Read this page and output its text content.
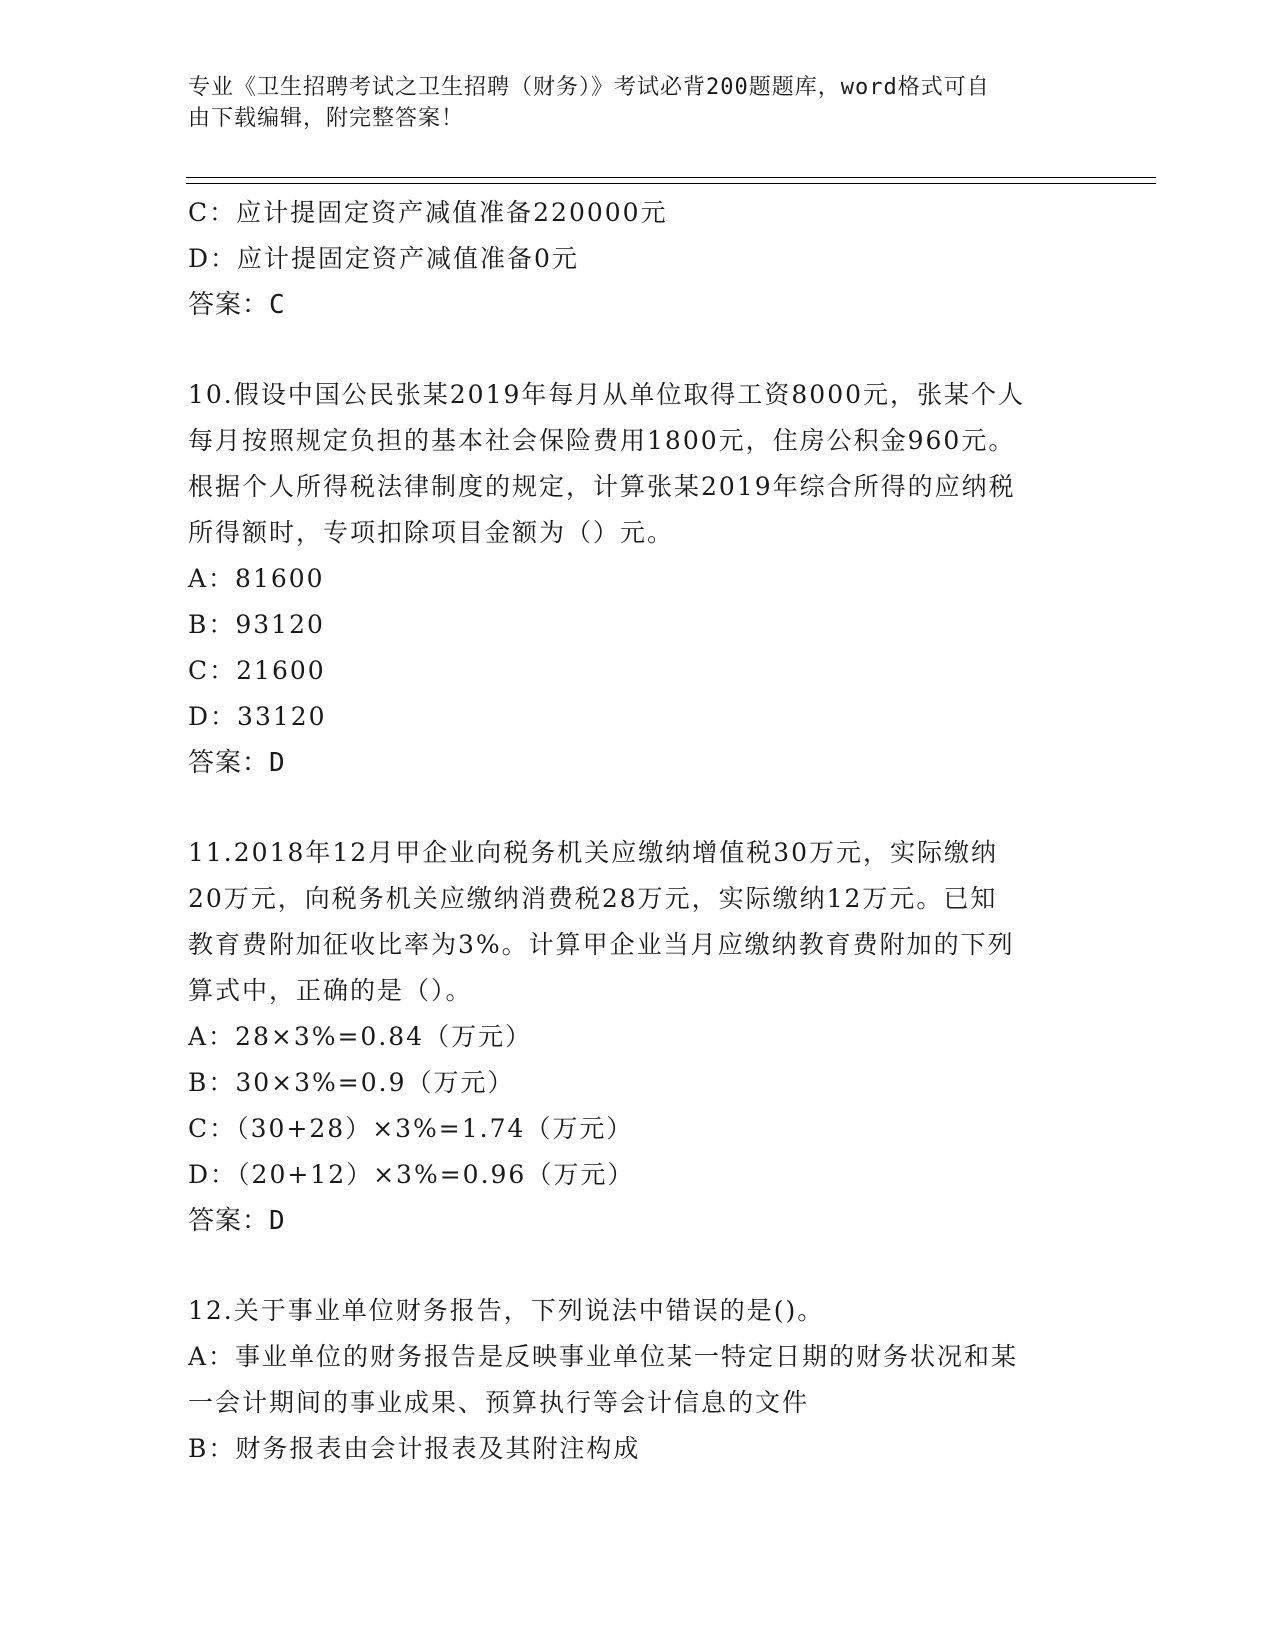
专业《卫生招聘考试之卫生招聘（财务）》考试必背200题题库，word格式可自
由下载编辑，附完整答案！
C：应计提固定资产减值准备220000元
D：应计提固定资产减值准备0元
答案：C
10.假设中国公民张某2019年每月从单位取得工资8000元，张某个人
每月按照规定负担的基本社会保险费用1800元，住房公积金960元。
根据个人所得税法律制度的规定，计算张某2019年综合所得的应纳税
所得额时，专项扣除项目金额为（）元。
A：81600
B：93120
C：21600
D：33120
答案：D
11.2018年12月甲企业向税务机关应缴纳增值税30万元，实际缴纳
20万元，向税务机关应缴纳消费税28万元，实际缴纳12万元。已知
教育费附加征收比率为3%。计算甲企业当月应缴纳教育费附加的下列
算式中，正确的是（）。
A：28×3%=0.84（万元）
B：30×3%=0.9（万元）
C：（30+28）×3%=1.74（万元）
D：（20+12）×3%=0.96（万元）
答案：D
12.关于事业单位财务报告，下列说法中错误的是()。
A：事业单位的财务报告是反映事业单位某一特定日期的财务状况和某
一会计期间的事业成果、预算执行等会计信息的文件
B：财务报表由会计报表及其附注构成
